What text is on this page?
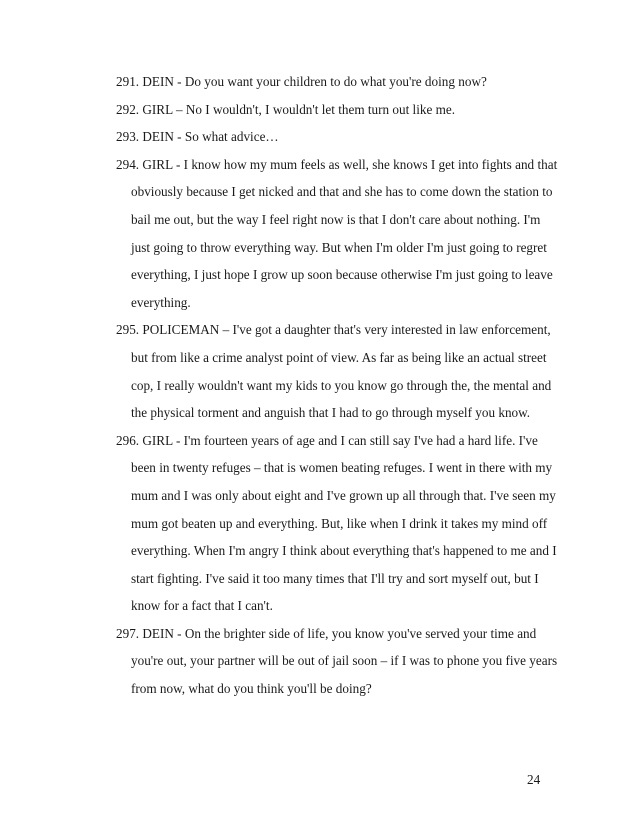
291. DEIN - Do you want your children to do what you're doing now?
292. GIRL – No I wouldn't, I wouldn't let them turn out like me.
293. DEIN - So what advice…
294. GIRL - I know how my mum feels as well, she knows I get into fights and that
obviously because I get nicked and that and she has to come down the station to
bail me out, but the way I feel right now is that I don't care about nothing. I'm
just going to throw everything way. But when I'm older I'm just going to regret
everything, I just hope I grow up soon because otherwise I'm just going to leave
everything.
295. POLICEMAN – I've got a daughter that's very interested in law enforcement,
but from like a crime analyst point of view. As far as being like an actual street
cop, I really wouldn't want my kids to you know go through the, the mental and
the physical torment and anguish that I had to go through myself you know.
296. GIRL - I'm fourteen years of age and I can still say I've had a hard life. I've
been in twenty refuges – that is women beating refuges. I went in there with my
mum and I was only about eight and I've grown up all through that. I've seen my
mum got beaten up and everything. But, like when I drink it takes my mind off
everything. When I'm angry I think about everything that's happened to me and I
start fighting. I've said it too many times that I'll try and sort myself out, but I
know for a fact that I can't.
297. DEIN - On the brighter side of life, you know you've served your time and
you're out, your partner will be out of jail soon – if I was to phone you five years
from now, what do you think you'll be doing?
24
